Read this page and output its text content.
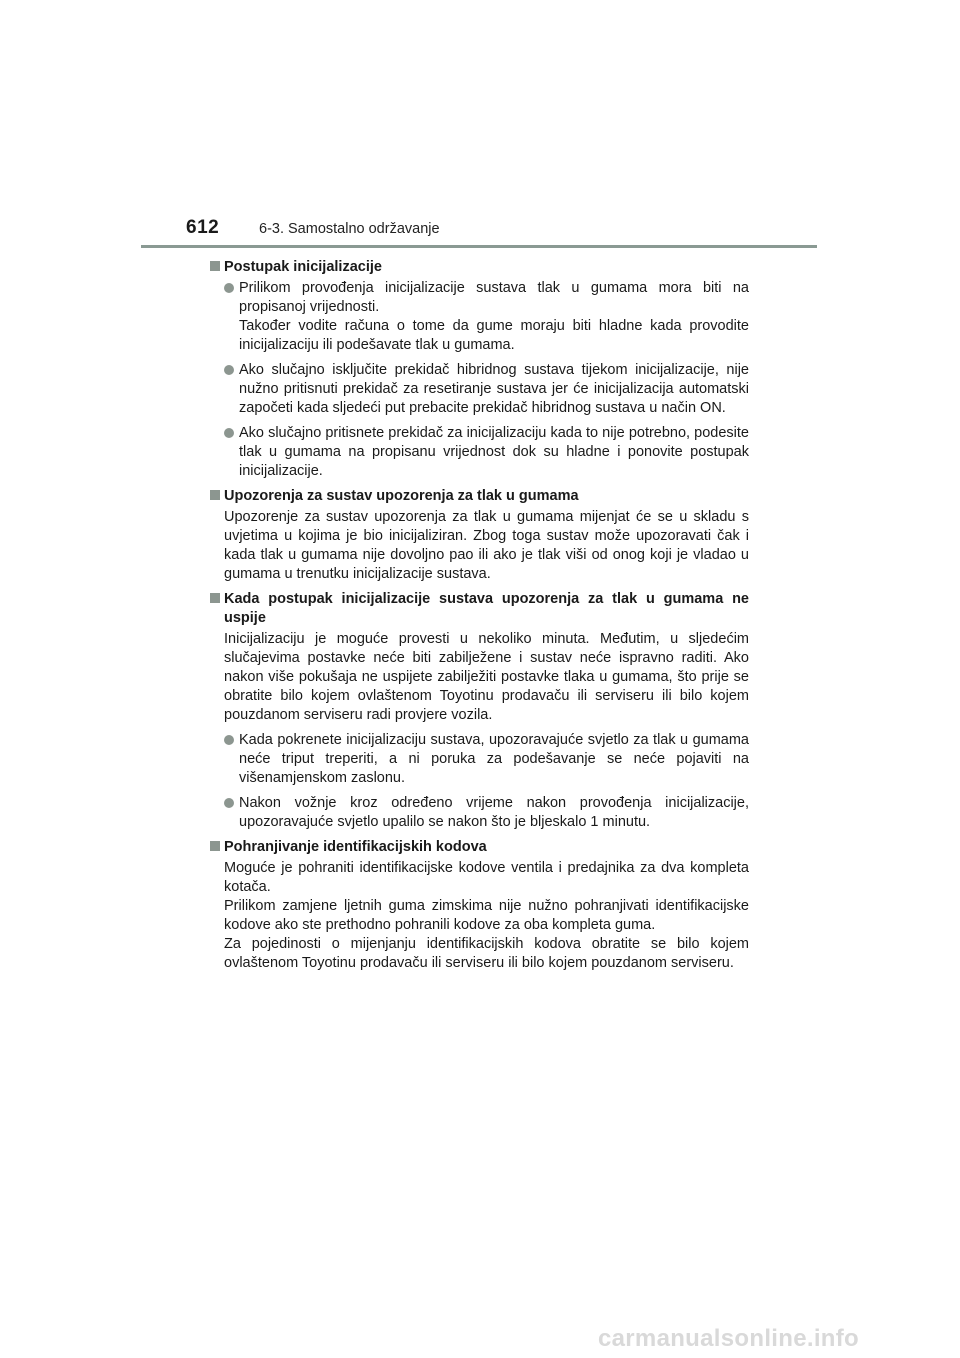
612	6-3. Samostalno održavanje
Postupak inicijalizacije

Prilikom provođenja inicijalizacije sustava tlak u gumama mora biti na propisanoj vrijednosti.

Također vodite računa o tome da gume moraju biti hladne kada provodite inicijalizaciju ili podešavate tlak u gumama.

Ako slučajno isključite prekidač hibridnog sustava tijekom inicijalizacije, nije nužno pritisnuti prekidač za resetiranje sustava jer će inicijalizacija automatski započeti kada sljedeći put prebacite prekidač hibridnog sustava u način ON.

Ako slučajno pritisnete prekidač za inicijalizaciju kada to nije potrebno, podesite tlak u gumama na propisanu vrijednost dok su hladne i ponovite postupak inicijalizacije.

Upozorenja za sustav upozorenja za tlak u gumama

Upozorenje za sustav upozorenja za tlak u gumama mijenjat će se u skladu s uvjetima u kojima je bio inicijaliziran. Zbog toga sustav može upozoravati čak i kada tlak u gumama nije dovoljno pao ili ako je tlak viši od onog koji je vladao u gumama u trenutku inicijalizacije sustava.

Kada postupak inicijalizacije sustava upozorenja za tlak u gumama ne uspije

Inicijalizaciju je moguće provesti u nekoliko minuta. Međutim, u sljedećim slučajevima postavke neće biti zabilježene i sustav neće ispravno raditi. Ako nakon više pokušaja ne uspijete zabilježiti postavke tlaka u gumama, što prije se obratite bilo kojem ovlaštenom Toyotinu prodavaču ili serviseru ili bilo kojem pouzdanom serviseru radi provjere vozila.

Kada pokrenete inicijalizaciju sustava, upozoravajuće svjetlo za tlak u gumama neće triput treperiti, a ni poruka za podešavanje se neće pojaviti na višenamjenskom zaslonu.

Nakon vožnje kroz određeno vrijeme nakon provođenja inicijalizacije, upozoravajuće svjetlo upalilo se nakon što je bljeskalo 1 minutu.

Pohranjivanje identifikacijskih kodova

Moguće je pohraniti identifikacijske kodove ventila i predajnika za dva kompleta kotača.

Prilikom zamjene ljetnih guma zimskima nije nužno pohranjivati identifikacijske kodove ako ste prethodno pohranili kodove za oba kompleta guma.

Za pojedinosti o mijenjanju identifikacijskih kodova obratite se bilo kojem ovlaštenom Toyotinu prodavaču ili serviseru ili bilo kojem pouzdanom serviseru.

carmanualsonline.info
